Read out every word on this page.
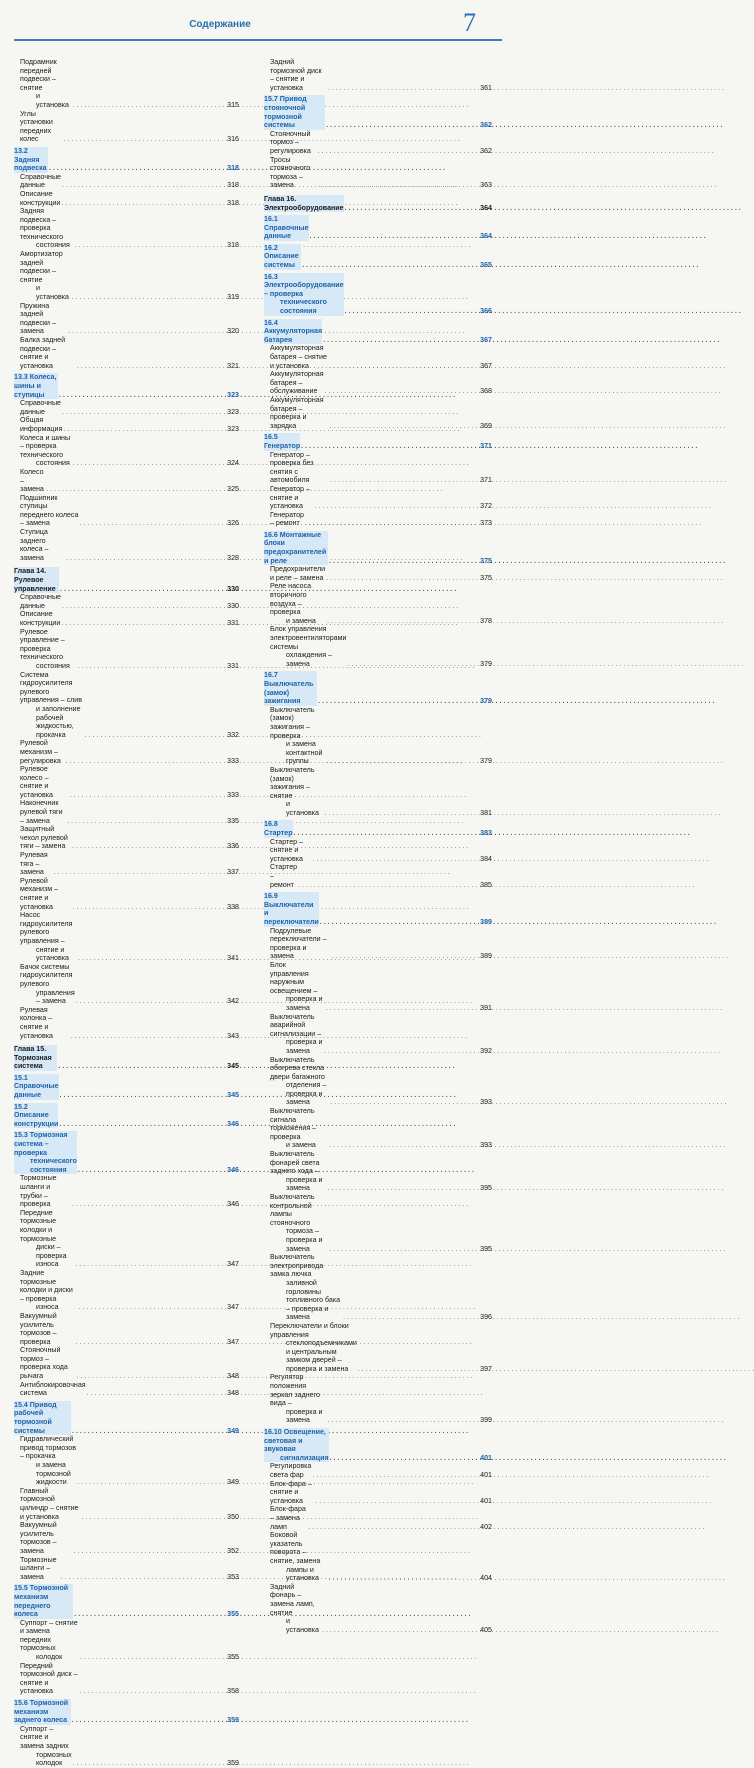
Содержание	7
Подрамник передней подвески – снятие
и установка . . .	315
Углы установки передних колес . . .	316
13.2 Задняя подвеска . . .	318
Справочные данные . . .	318
Описание конструкции . . .	318
Задняя подвеска – проверка технического
состояния . . .	318
Амортизатор задней подвески – снятие
и установка . . .	319
Пружина задней подвески – замена . . .	320
Балка задней подвески – снятие и установка . . .	321
13.3 Колеса, шины и ступицы . . .	323
Справочные данные . . .	323
Общая информация . . .	323
Колеса и шины – проверка технического
состояния . . .	324
Колесо – замена . . .	325
Подшипник ступицы переднего колеса – замена . . .	326
Ступица заднего колеса – замена . . .	328
Глава 14. Рулевое управление . . .	330
Справочные данные . . .	330
Описание конструкции . . .	331
Рулевое управление – проверка технического
состояния . . .	331
Система гидроусилителя рулевого управления – слив
и заполнение рабочей жидкостью, прокачка . . .	332
Рулевой механизм – регулировка . . .	333
Рулевое колесо – снятие и установка . . .	333
Наконечник рулевой тяги – замена . . .	335
Защитный чехол рулевой тяги – замена . . .	336
Рулевая тяга – замена . . .	337
Рулевой механизм – снятие и установка . . .	338
Насос гидроусилителя рулевого управления –
снятие и установка . . .	341
Бачок системы гидроусилителя рулевого
управления – замена . . .	342
Рулевая колонка – снятие и установка . . .	343
Глава 15. Тормозная система . . .	345
15.1 Справочные данные . . .	345
15.2 Описание конструкции . . .	346
15.3 Тормозная система – проверка
технического состояния . . .	346
Тормозные шланги и трубки – проверка . . .	346
Передние тормозные колодки и тормозные
диски – проверка износа . . .	347
Задние тормозные колодки и диски – проверка
износа . . .	347
Вакуумный усилитель тормозов – проверка . . .	347
Стояночный тормоз – проверка хода рычага . . .	348
Антиблокировочная система . . .	348
15.4 Привод рабочей тормозной системы . . .	349
Гидравлический привод тормозов – прокачка
и замена тормозной жидкости . . .	349
Главный тормозной цилиндр – снятие и установка . . .	350
Вакуумный усилитель тормозов – замена . . .	352
Тормозные шланги – замена . . .	353
15.5 Тормозной механизм переднего колеса . . .	355
Суппорт – снятие и замена передних тормозных
колодок . . .	355
Передний тормозной диск – снятие и установка . . .	358
15.6 Тормозной механизм заднего колеса . . .	359
Суппорт – снятие и замена задних
тормозных колодок . . .	359
Задний тормозной диск – снятие и установка . . .	361
15.7 Привод стояночной тормозной системы . . .	362
Стояночный тормоз – регулировка . . .	362
Тросы стояночного тормоза – замена . . .	363
Глава 16. Электрооборудование . . .	364
16.1 Справочные данные . . .	364
16.2 Описание системы . . .	365
16.3 Электрооборудование – проверка
технического состояния . . .	366
16.4 Аккумуляторная батарея . . .	367
Аккумуляторная батарея – снятие и установка . . .	367
Аккумуляторная батарея – обслуживание . . .	368
Аккумуляторная батарея – проверка и зарядка . . .	369
16.5 Генератор . . .	371
Генератор – проверка без снятия с автомобиля . . .	371
Генератор – снятие и установка . . .	372
Генератор – ремонт . . .	373
16.6 Монтажные блоки предохранителей и реле . . .	375
Предохранители и реле – замена . . .	375
Реле насоса вторичного воздуха – проверка
и замена . . .	378
Блок управления электровентиляторами системы
охлаждения – замена . . .	379
16.7 Выключатель (замок) зажигания . . .	379
Выключатель (замок) зажигания – проверка
и замена контактной группы . . .	379
Выключатель (замок) зажигания – снятие
и установка . . .	381
16.8 Стартер . . .	383
Стартер – снятие и установка . . .	384
Стартер – ремонт . . .	385
16.9 Выключатели и переключатели . . .	389
Подрулевые переключатели – проверка и замена . . .	389
Блок управления наружным освещением –
проверка и замена . . .	391
Выключатель аварийной сигнализации –
проверка и замена . . .	392
Выключатель обогрева стекла двери багажного
отделения – проверка и замена . . .	393
Выключатель сигнала торможения – проверка
и замена . . .	393
Выключатель фонарей света заднего хода –
проверка и замена . . .	395
Выключатель контрольной лампы стояночного
тормоза – проверка и замена . . .	395
Выключатель электропривода замка лючка
заливной горловины топливного бака – проверка и замена . . .	396
Переключатели и блоки управления
стеклоподъемниками и центральным замком дверей – проверка и замена . . .	397
Регулятор положения зеркал заднего вида –
проверка и замена . . .	399
16.10 Освещение, световая и звуковая
сигнализация . . .	401
Регулировка света фар . . .	401
Блок-фара – снятие и установка . . .	401
Блок-фара – замена ламп . . .	402
Боковой указатель поворота – снятие, замена
лампы и установка . . .	404
Задний фонарь – замена ламп, снятие
и установка . . .	405
